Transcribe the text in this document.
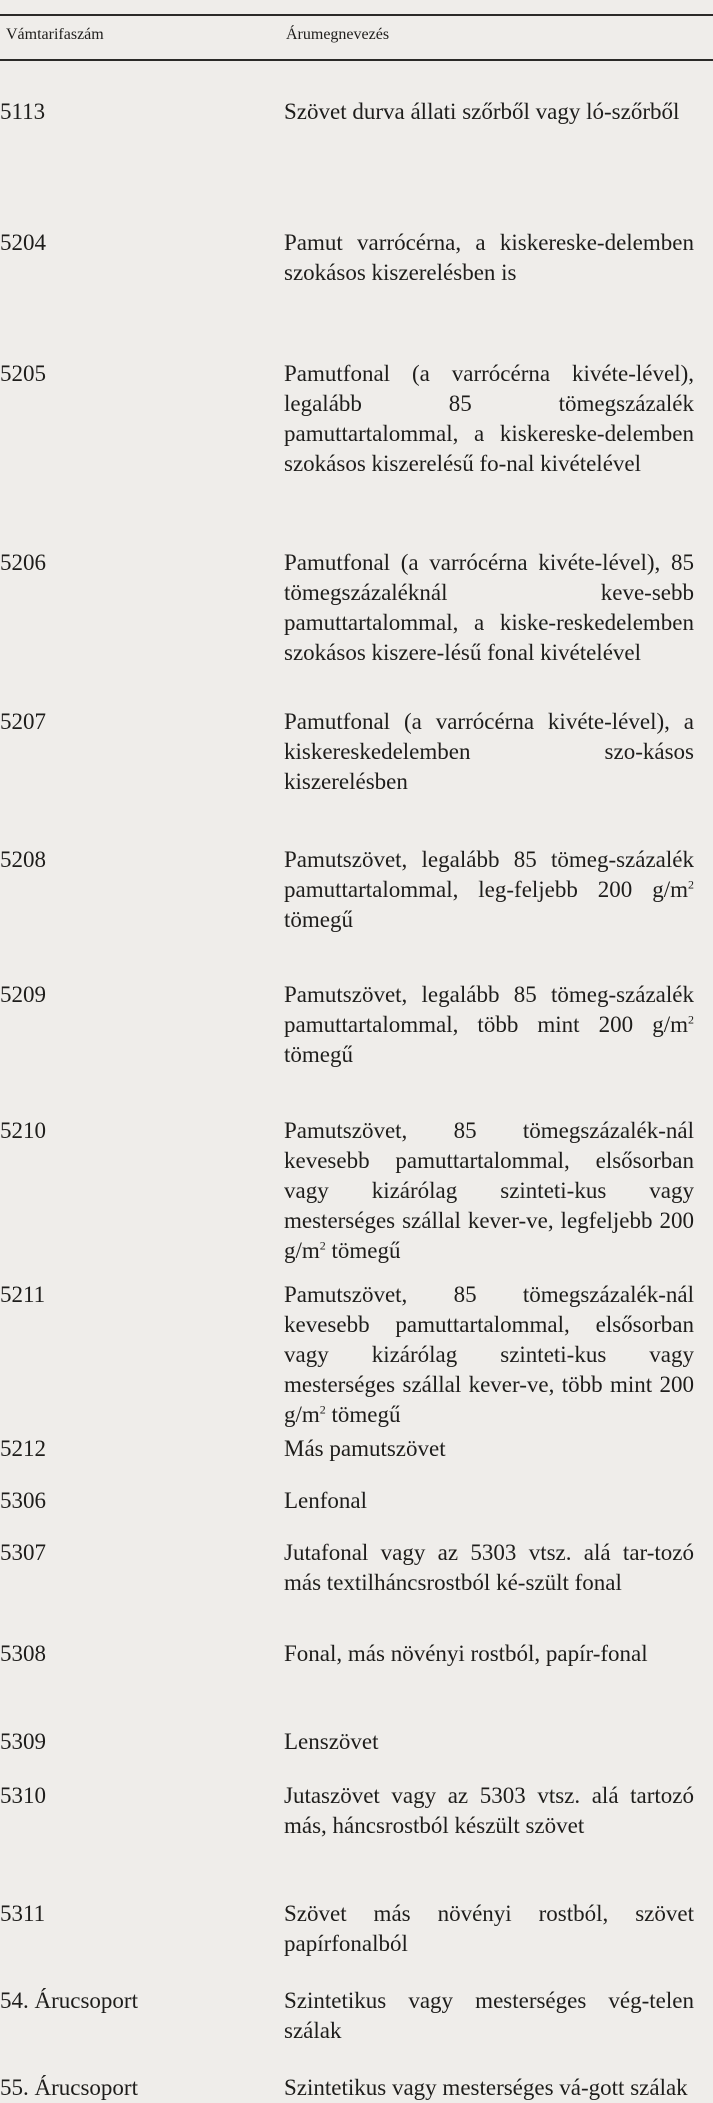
Vámtarifaszám	Árumegnevezés
5113	Szövet durva állati szőrből vagy ló-szőrből
5204	Pamut varrócérna, a kiskereske-delemben szokásos kiszerelésben is
5205	Pamutfonal (a varrócérna kivéte-lével), legalább 85 tömegszázalék pamuttartalommal, a kiskereske-delemben szokásos kiszerelésű fo-nal kivételével
5206	Pamutfonal (a varrócérna kivéte-lével), 85 tömegszázaléknál keve-sebb pamuttartalommal, a kiske-reskedelemben szokásos kiszere-lésű fonal kivételével
5207	Pamutfonal (a varrócérna kivéte-lével), a kiskereskedelemben szo-kásos kiszerelésben
5208	Pamutszövet, legalább 85 tömeg-százalék pamuttartalommal, leg-feljebb 200 $g/m^2$ tömegű
5209	Pamutszövet, legalább 85 tömeg-százalék pamuttartalommal, több mint 200 $g/m^2$ tömegű
5210	Pamutszövet, 85 tömegszázalék-nál kevesebb pamuttartalommal, elsősorban vagy kizárólag szinteti-kus vagy mesterséges szállal kever-ve, legfeljebb 200 $g/m^2$ tömegű
5211	Pamutszövet, 85 tömegszázalék-nál kevesebb pamuttartalommal, elsősorban vagy kizárólag szinteti-kus vagy mesterséges szállal kever-ve, több mint 200 $g/m^2$ tömegű
5212	Más pamutszövet
5306	Lenfonal
5307	Jutafonal vagy az 5303 vtsz. alá tar-tozó más textilháncsrostból ké-szült fonal
5308	Fonal, más növényi rostból, papír-fonal
5309	Lenszövet
5310	Jutaszövet vagy az 5303 vtsz. alá tartozó más, háncsrostból készült szövet
5311	Szövet más növényi rostból, szövet papírfonalból
54. Árucsoport	Szintetikus vagy mesterséges vég-telen szálak
55. Árucsoport	Szintetikus vagy mesterséges vá-gott szálak
